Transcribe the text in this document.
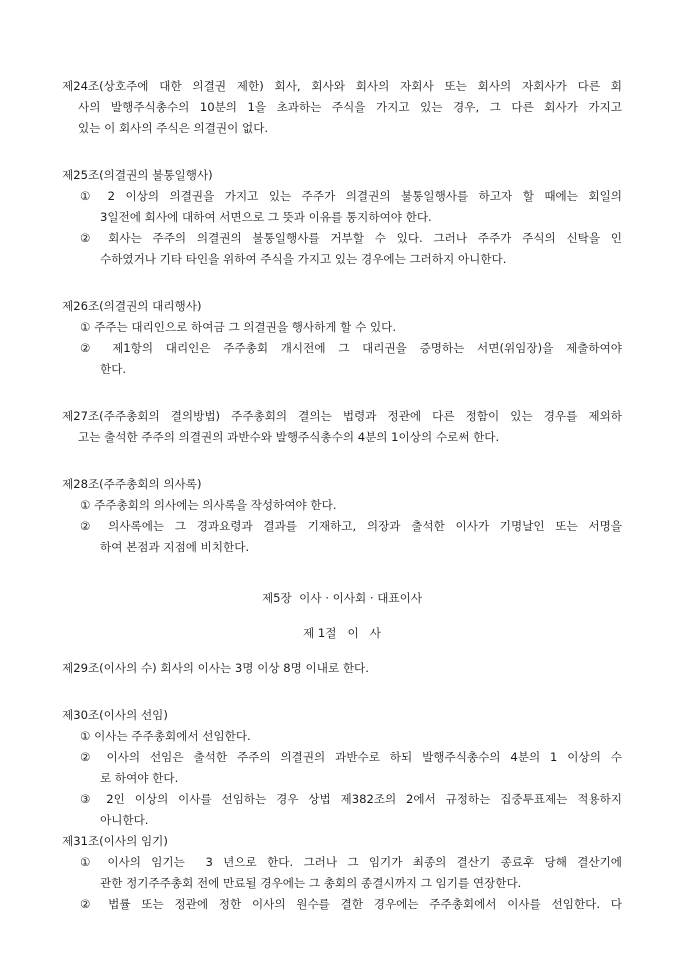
제24조(상호주에 대한 의결권 제한) 회사, 회사와 회사의 자회사 또는 회사의 자회사가 다른 회
사의 발행주식총수의 10분의 1을 초과하는 주식을 가지고 있는 경우, 그 다른 회사가 가지고
있는 이 회사의 주식은 의결권이 없다.
제25조(의결권의 불통일행사)
① 2 이상의 의결권을 가지고 있는 주주가 의결권의 불통일행사를 하고자 할 때에는 회일의
3일전에 회사에 대하여 서면으로 그 뜻과 이유를 통지하여야 한다.
② 회사는 주주의 의결권의 불통일행사를 거부할 수 있다. 그러나 주주가 주식의 신탁을 인
수하였거나 기타 타인을 위하여 주식을 가지고 있는 경우에는 그러하지 아니한다.
제26조(의결권의 대리행사)
① 주주는 대리인으로 하여금 그 의결권을 행사하게 할 수 있다.
② 제1항의 대리인은 주주총회 개시전에 그 대리권을 증명하는 서면(위임장)을 제출하여야
한다.
제27조(주주총회의 결의방법) 주주총회의 결의는 법령과 정관에 다른 정함이 있는 경우를 제외하
고는 출석한 주주의 의결권의 과반수와 발행주식총수의 4분의 1이상의 수로써 한다.
제28조(주주총회의 의사록)
① 주주총회의 의사에는 의사록을 작성하여야 한다.
② 의사록에는 그 경과요령과 결과를 기재하고, 의장과 출석한 이사가 기명날인 또는 서명을
하여 본점과 지점에 비치한다.
제5장  이사 · 이사회 · 대표이사
제 1절   이   사
제29조(이사의 수) 회사의 이사는 3명 이상 8명 이내로 한다.
제30조(이사의 선임)
① 이사는 주주총회에서 선임한다.
② 이사의 선임은 출석한 주주의 의결권의 과반수로 하되 발행주식총수의 4분의 1 이상의 수
로 하여야 한다.
③ 2인 이상의 이사를 선임하는 경우 상법 제382조의 2에서 규정하는 집중투표제는 적용하지
아니한다.
제31조(이사의 임기)
① 이사의 임기는  3 년으로 한다. 그러나 그 임기가 최종의 결산기 종료후 당해 결산기에
관한 정기주주총회 전에 만료될 경우에는 그 총회의 종결시까지 그 임기를 연장한다.
② 법률 또는 정관에 정한 이사의 원수를 결한 경우에는 주주총회에서 이사를 선임한다. 다
